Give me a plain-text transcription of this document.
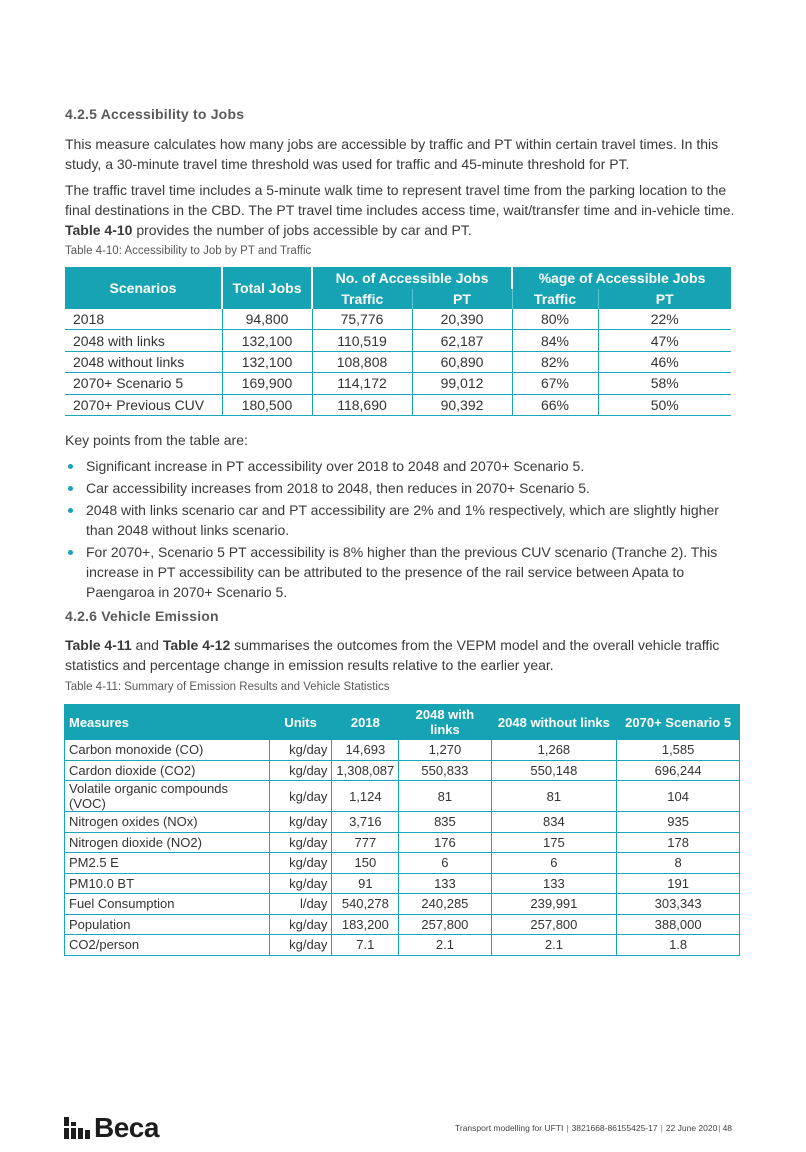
4.2.5 Accessibility to Jobs

This measure calculates how many jobs are accessible by traffic and PT within certain travel times. In this study, a 30-minute travel time threshold was used for traffic and 45-minute threshold for PT.

The traffic travel time includes a 5-minute walk time to represent travel time from the parking location to the final destinations in the CBD. The PT travel time includes access time, wait/transfer time and in-vehicle time. Table 4-10 provides the number of jobs accessible by car and PT.

Table 4-10: Accessibility to Job by PT and Traffic
Scenarios	Total Jobs	No. of Accessible Jobs		%age of Accessible Jobs	
		Traffic	PT	Traffic	PT
2018	94,800	75,776	20,390	80%	22%
2048 with links	132,100	110,519	62,187	84%	47%
2048 without links	132,100	108,808	60,890	82%	46%
2070+ Scenario 5	169,900	114,172	99,012	67%	58%
2070+ Previous CUV	180,500	118,690	90,392	66%	50%

Key points from the table are:

Significant increase in PT accessibility over 2018 to 2048 and 2070+ Scenario 5.
Car accessibility increases from 2018 to 2048, then reduces in 2070+ Scenario 5.
2048 with links scenario car and PT accessibility are 2% and 1% respectively, which are slightly higher than 2048 without links scenario.
For 2070+, Scenario 5 PT accessibility is 8% higher than the previous CUV scenario (Tranche 2). This increase in PT accessibility can be attributed to the presence of the rail service between Apata to Paengaroa in 2070+ Scenario 5.
4.2.6 Vehicle Emission

Table 4-11 and Table 4-12 summarises the outcomes from the VEPM model and the overall vehicle traffic statistics and percentage change in emission results relative to the earlier year.

Table 4-11: Summary of Emission Results and Vehicle Statistics
Measures	Units	2018	2048 with links	2048 without links	2070+ Scenario 5
Carbon monoxide (CO)	kg/day	14,693	1,270	1,268	1,585
Cardon dioxide (CO2)	kg/day	1,308,087	550,833	550,148	696,244
Volatile organic compounds (VOC)	kg/day	1,124	81	81	104
Nitrogen oxides (NOx)	kg/day	3,716	835	834	935
Nitrogen dioxide (NO2)	kg/day	777	176	175	178
PM2.5 E	kg/day	150	6	6	8
PM10.0 BT	kg/day	91	133	133	191
Fuel Consumption	l/day	540,278	240,285	239,991	303,343
Population	kg/day	183,200	257,800	257,800	388,000
CO2/person	kg/day	7.1	2.1	2.1	1.8
Beca	Transport modelling for UFTI | 3821668-86155425-17 | 22 June 2020| 48
